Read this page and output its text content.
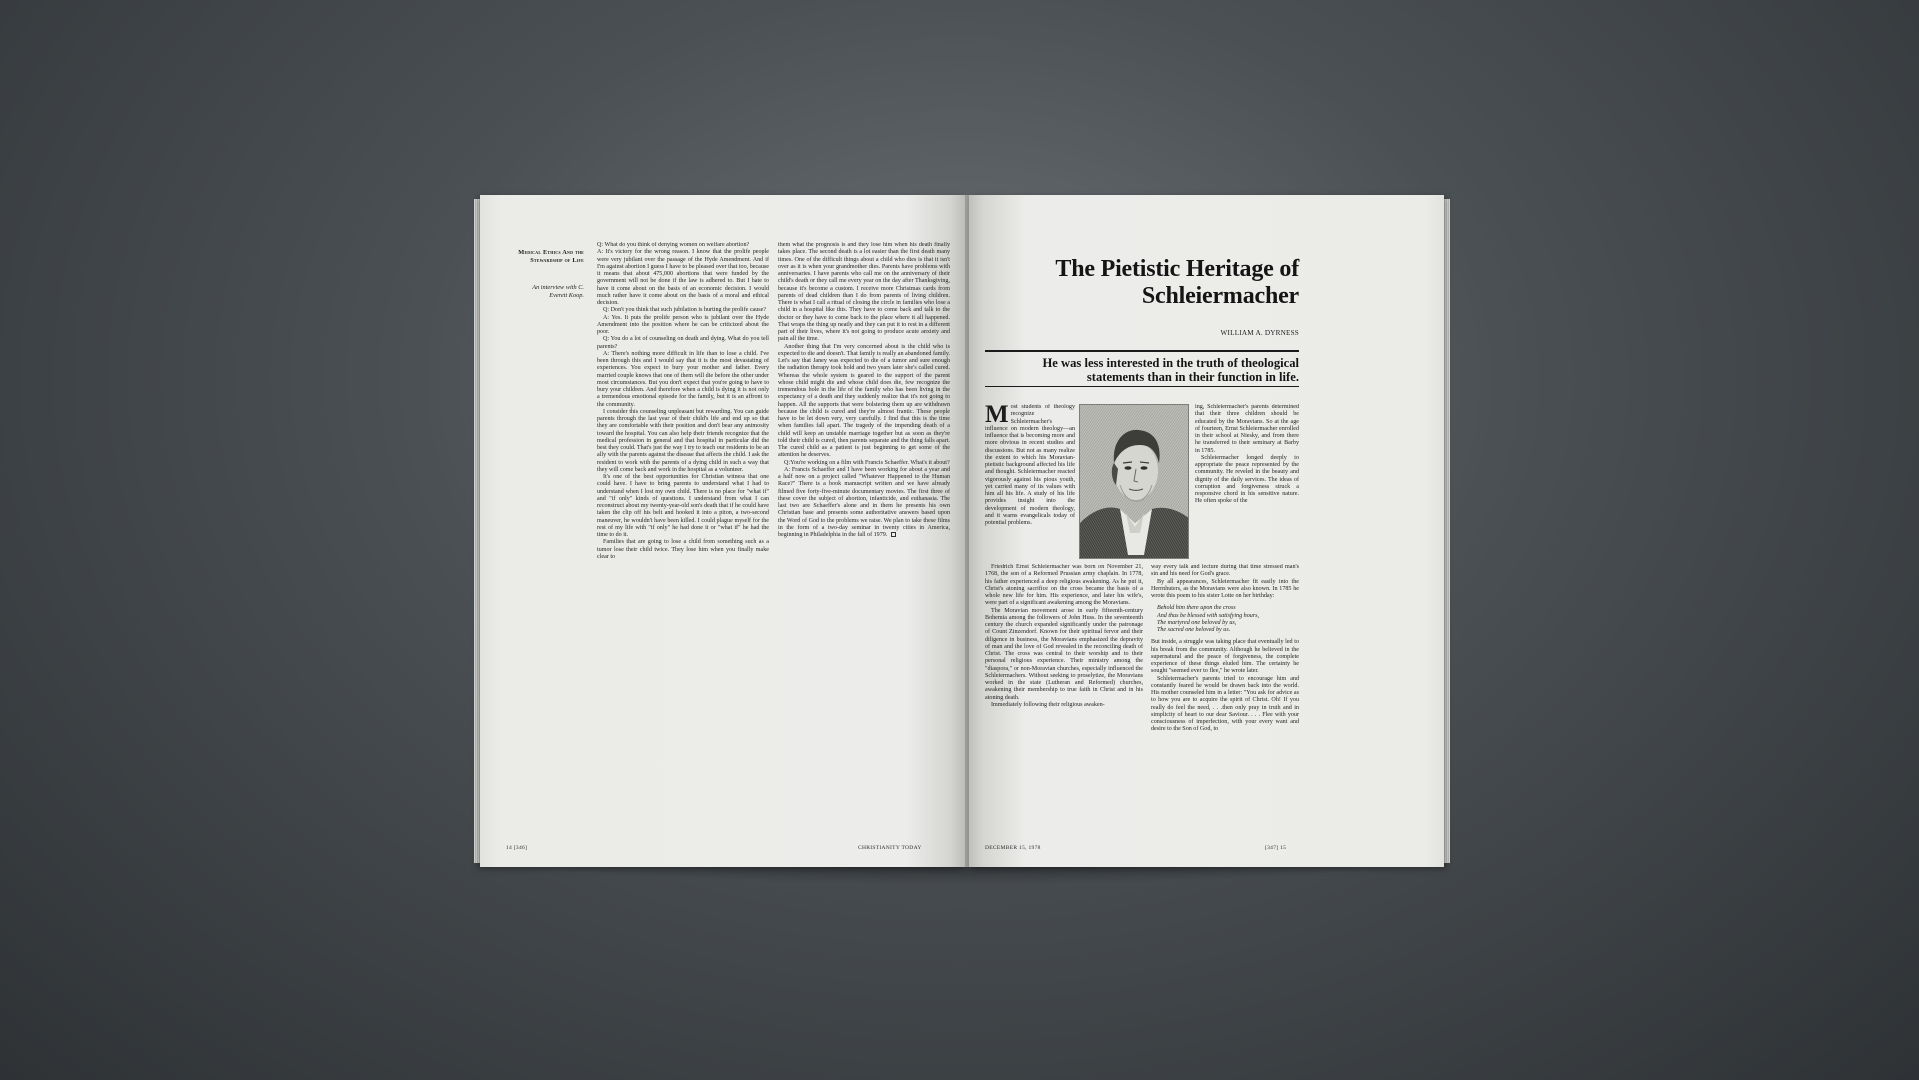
Medical Ethics And the Stewardship of Life
An interview with C. Everett Koop.

Q: What do you think of denying women on welfare abortion?

A: It's victory for the wrong reason. I know that the prolife people were very jubilant over the passage of the Hyde Amendment. And if I'm against abortion I guess I have to be pleased over that too, because it means that about 475,000 abortions that were funded by the government will not be done if the law is adhered to. But I hate to have it come about on the basis of an economic decision. I would much rather have it come about on the basis of a moral and ethical decision.

Q: Don't you think that such jubilation is hurting the prolife cause?

A: Yes. It puts the prolife person who is jubilant over the Hyde Amendment into the position where he can be criticized about the poor.

Q: You do a lot of counseling on death and dying. What do you tell parents?

A: There's nothing more difficult in life than to lose a child. I've been through this and I would say that it is the most devastating of experiences. You expect to bury your mother and father. Every married couple knows that one of them will die before the other under most circumstances. But you don't expect that you're going to have to bury your children. And therefore when a child is dying it is not only a tremendous emotional episode for the family, but it is an affront to the community.

I consider this counseling unpleasant but rewarding. You can guide parents through the last year of their child's life and end up so that they are comfortable with their position and don't bear any animosity toward the hospital. You can also help their friends recognize that the medical profession in general and that hospital in particular did the best they could. That's just the way I try to teach our residents to be an ally with the parents against the disease that affects the child. I ask the resident to work with the parents of a dying child in such a way that they will come back and work in the hospital as a volunteer.

It's one of the best opportunities for Christian witness that one could have. I have to bring parents to understand what I had to understand when I lost my own child. There is no place for "what if" and "if only" kinds of questions. I understand from what I can reconstruct about my twenty-year-old son's death that if he could have taken the clip off his belt and hooked it into a piton, a two-second maneuver, he wouldn't have been killed. I could plague myself for the rest of my life with "if only" he had done it or "what if" he had the time to do it.

Families that are going to lose a child from something such as a tumor lose their child twice. They lose him when you finally make clear to

them what the prognosis is and they lose him when his death finally takes place. The second death is a lot easier than the first death many times. One of the difficult things about a child who dies is that it isn't over as it is when your grandmother dies. Parents have problems with anniversaries. I have parents who call me on the anniversary of their child's death or they call me every year on the day after Thanksgiving, because it's become a custom. I receive more Christmas cards from parents of dead children than I do from parents of living children. There is what I call a ritual of closing the circle in families who lose a child in a hospital like this. They have to come back and talk to the doctor or they have to come back to the place where it all happened. That wraps the thing up neatly and they can put it to rest in a different part of their lives, where it's not going to produce acute anxiety and pain all the time.

Another thing that I'm very concerned about is the child who is expected to die and doesn't. That family is really an abandoned family. Let's say that Janey was expected to die of a tumor and sure enough the radiation therapy took hold and two years later she's called cured. Whereas the whole system is geared to the support of the parent whose child might die and whose child does die, few recognize the tremendous hole in the life of the family who has been living in the expectancy of a death and they suddenly realize that it's not going to happen. All the supports that were bolstering them up are withdrawn because the child is cured and they're almost frantic. These people have to be let down very, very carefully. I find that this is the time when families fall apart. The tragedy of the impending death of a child will keep an unstable marriage together but as soon as they're told their child is cured, then parents separate and the thing falls apart. The cured child as a patient is just beginning to get some of the attention he deserves.

Q:You're working on a film with Francis Schaeffer. What's it about?

A: Francis Schaeffer and I have been working for about a year and a half now on a project called "Whatever Happened to the Human Race?" There is a book manuscript written and we have already filmed five forty-five-minute documentary movies. The first three of these cover the subject of abortion, infanticide, and euthanasia. The last two are Schaeffer's alone and in them he presents his own Christian base and presents some authoritative answers based upon the Word of God to the problems we raise. We plan to take these films in the form of a two-day seminar in twenty cities in America, beginning in Philadelphia in the fall of 1979.

14 [346]	CHRISTIANITY TODAY
The Pietistic Heritage of Schleiermacher
WILLIAM A. DYRNESS
He was less interested in the truth of theological statements than in their function in life.

Most students of theology recognize Schleiermacher's influence on modern theology—an influence that is becoming more and more obvious in recent studies and discussions. But not as many realize the extent to which his Moravian-pietistic background affected his life and thought. Schleiermacher reacted vigorously against his pious youth, yet carried many of its values with him all his life. A study of his life provides insight into the development of modern theology, and it warns evangelicals today of potential problems.

Friedrich Ernst Schleiermacher was born on November 21, 1768, the son of a Reformed Prussian army chaplain. In 1778, his father experienced a deep religious awakening. As he put it, Christ's atoning sacrifice on the cross became the basis of a whole new life for him. His experience, and later his wife's, were part of a significant awakening among the Moravians.

The Moravian movement arose in early fifteenth-century Bohemia among the followers of John Huss. In the seventeenth century the church expanded significantly under the patronage of Count Zinzendorf. Known for their spiritual fervor and their diligence in business, the Moravians emphasized the depravity of man and the love of God revealed in the reconciling death of Christ. The cross was central to their worship and to their personal religious experience. Their ministry among the "diaspora," or non-Moravian churches, especially influenced the Schleiermachers. Without seeking to proselytize, the Moravians worked in the state (Lutheran and Reformed) churches, awakening their membership to true faith in Christ and in his atoning death.

Immediately following their religious awaken-

ing, Schleiermacher's parents determined that their three children should be educated by the Moravians. So at the age of fourteen, Ernst Schleiermacher enrolled in their school at Niesky, and from there he transferred to their seminary at Barby in 1785.

Schleiermacher longed deeply to appropriate the peace represented by the community. He reveled in the beauty and dignity of the daily services. The ideas of corruption and forgiveness struck a responsive chord in his sensitive nature. He often spoke of the

way every talk and lecture during that time stressed man's sin and his need for God's grace.

By all appearances, Schleiermacher fit easily into the Herrnhuters, as the Moravians were also known. In 1785 he wrote this poem to his sister Lotte on her birthday:

Behold him there upon the cross
And thus be blessed with satisfying hours,
The martyred one beloved by us,
The sacred one beloved by us.

But inside, a struggle was taking place that eventually led to his break from the community. Although he believed in the supernatural and the peace of forgiveness, the complete experience of these things eluded him. The certainty he sought "seemed ever to flee," he wrote later.

Schleiermacher's parents tried to encourage him and constantly feared he would be drawn back into the world. His mother counseled him in a letter: "You ask for advice as to how you are to acquire the spirit of Christ. Oh! If you really do feel the need, . . .then only pray in truth and in simplicity of heart to our dear Saviour. . . . Flee with your consciousness of imperfection, with your every want and desire to the Son of God, to

DECEMBER 15, 1978	[347] 15
